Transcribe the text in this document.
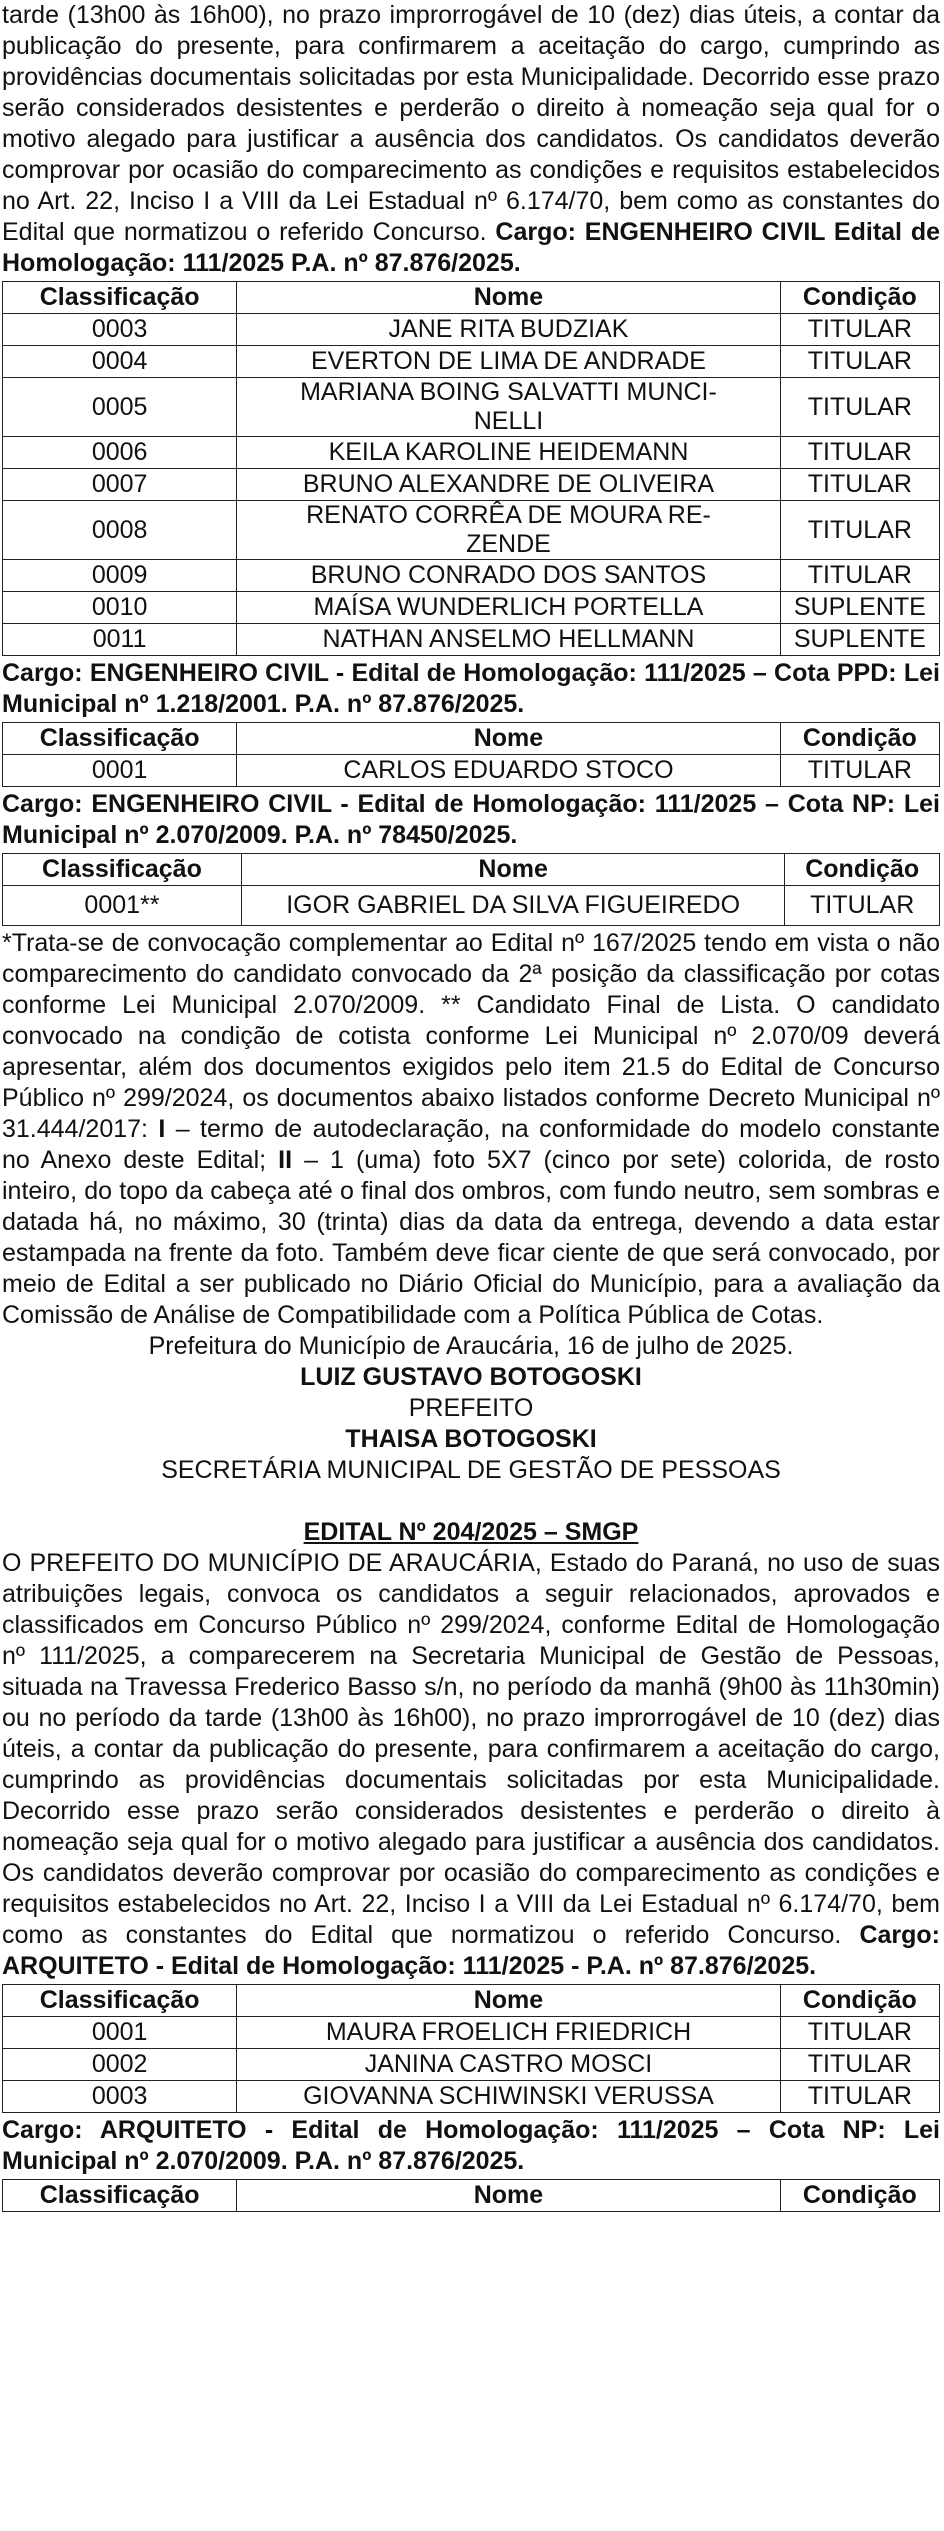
tarde (13h00 às 16h00), no prazo improrrogável de 10 (dez) dias úteis, a contar da publicação do presente, para confirmarem a aceitação do cargo, cumprindo as providências documentais solicitadas por esta Municipalidade. Decorrido esse prazo serão considerados desistentes e perderão o direito à nomeação seja qual for o motivo alegado para justificar a ausência dos candidatos. Os candidatos deverão comprovar por ocasião do comparecimento as condições e requisitos estabelecidos no Art. 22, Inciso I a VIII da Lei Estadual nº 6.174/70, bem como as constantes do Edital que normatizou o referido Concurso. Cargo: ENGENHEIRO CIVIL Edital de Homologação: 111/2025 P.A. nº 87.876/2025.

Classificação	Nome	Condição
0003	JANE RITA BUDZIAK	TITULAR
0004	EVERTON DE LIMA DE ANDRADE	TITULAR
0005	MARIANA BOING SALVATTI MUNCI-NELLI	TITULAR
0006	KEILA KAROLINE HEIDEMANN	TITULAR
0007	BRUNO ALEXANDRE DE OLIVEIRA	TITULAR
0008	RENATO CORRÊA DE MOURA RE-ZENDE	TITULAR
0009	BRUNO CONRADO DOS SANTOS	TITULAR
0010	MAÍSA WUNDERLICH PORTELLA	SUPLENTE
0011	NATHAN ANSELMO HELLMANN	SUPLENTE

Cargo: ENGENHEIRO CIVIL - Edital de Homologação: 111/2025 – Cota PPD: Lei Municipal nº 1.218/2001. P.A. nº 87.876/2025.

Classificação	Nome	Condição
0001	CARLOS EDUARDO STOCO	TITULAR

Cargo: ENGENHEIRO CIVIL - Edital de Homologação: 111/2025 – Cota NP: Lei Municipal nº 2.070/2009. P.A. nº 78450/2025.

Classificação	Nome	Condição
0001**	IGOR GABRIEL DA SILVA FIGUEIREDO	TITULAR

*Trata-se de convocação complementar ao Edital nº 167/2025 tendo em vista o não comparecimento do candidato convocado da 2ª posição da classificação por cotas conforme Lei Municipal 2.070/2009. ** Candidato Final de Lista. O candidato convocado na condição de cotista conforme Lei Municipal nº 2.070/09 deverá apresentar, além dos documentos exigidos pelo item 21.5 do Edital de Concurso Público nº 299/2024, os documentos abaixo listados conforme Decreto Municipal nº 31.444/2017: I – termo de autodeclaração, na conformidade do modelo constante no Anexo deste Edital; II – 1 (uma) foto 5X7 (cinco por sete) colorida, de rosto inteiro, do topo da cabeça até o final dos ombros, com fundo neutro, sem sombras e datada há, no máximo, 30 (trinta) dias da data da entrega, devendo a data estar estampada na frente da foto. Também deve ficar ciente de que será convocado, por meio de Edital a ser publicado no Diário Oficial do Município, para a avaliação da Comissão de Análise de Compatibilidade com a Política Pública de Cotas.

Prefeitura do Município de Araucária, 16 de julho de 2025.

LUIZ GUSTAVO BOTOGOSKI

PREFEITO

THAISA BOTOGOSKI

SECRETÁRIA MUNICIPAL DE GESTÃO DE PESSOAS

EDITAL Nº 204/2025 – SMGP

O PREFEITO DO MUNICÍPIO DE ARAUCÁRIA, Estado do Paraná, no uso de suas atribuições legais, convoca os candidatos a seguir relacionados, aprovados e classificados em Concurso Público nº 299/2024, conforme Edital de Homologação nº 111/2025, a comparecerem na Secretaria Municipal de Gestão de Pessoas, situada na Travessa Frederico Basso s/n, no período da manhã (9h00 às 11h30min) ou no período da tarde (13h00 às 16h00), no prazo improrrogável de 10 (dez) dias úteis, a contar da publicação do presente, para confirmarem a aceitação do cargo, cumprindo as providências documentais solicitadas por esta Municipalidade. Decorrido esse prazo serão considerados desistentes e perderão o direito à nomeação seja qual for o motivo alegado para justificar a ausência dos candidatos. Os candidatos deverão comprovar por ocasião do comparecimento as condições e requisitos estabelecidos no Art. 22, Inciso I a VIII da Lei Estadual nº 6.174/70, bem como as constantes do Edital que normatizou o referido Concurso. Cargo: ARQUITETO - Edital de Homologação: 111/2025 - P.A. nº 87.876/2025.

Classificação	Nome	Condição
0001	MAURA FROELICH FRIEDRICH	TITULAR
0002	JANINA CASTRO MOSCI	TITULAR
0003	GIOVANNA SCHIWINSKI VERUSSA	TITULAR

Cargo: ARQUITETO - Edital de Homologação: 111/2025 – Cota NP: Lei Municipal nº 2.070/2009. P.A. nº 87.876/2025.

Classificação	Nome	Condição
